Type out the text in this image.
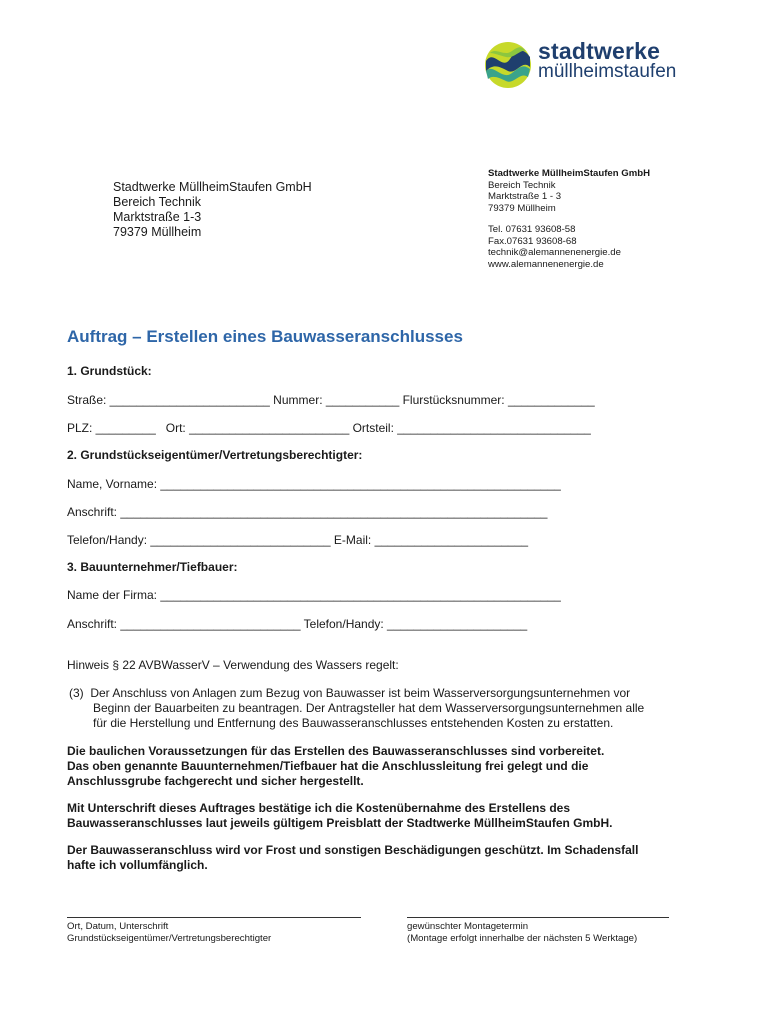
stadtwerke
müllheimstaufen
Stadtwerke MüllheimStaufen GmbH
Bereich Technik
Marktstraße 1-3
79379 Müllheim
Stadtwerke MüllheimStaufen GmbH
Bereich Technik
Marktstraße 1 - 3
79379 Müllheim
Tel. 07631 93608-58
Fax.07631 93608-68
technik@alemannenenergie.de
www.alemannenenergie.de
Auftrag – Erstellen eines Bauwasseranschlusses
1. Grundstück:
Straße: ________________________ Nummer: ___________ Flurstücksnummer: _____________
PLZ: _________   Ort: ________________________ Ortsteil: _____________________________
2. Grundstückseigentümer/Vertretungsberechtigter:
Name, Vorname: ____________________________________________________________
Anschrift: ________________________________________________________________
Telefon/Handy: ___________________________ E-Mail: _______________________
3. Bauunternehmer/Tiefbauer:
Name der Firma: ____________________________________________________________
Anschrift: ___________________________ Telefon/Handy: _____________________
Hinweis § 22 AVBWasserV – Verwendung des Wassers regelt:
(3)  Der Anschluss von Anlagen zum Bezug von Bauwasser ist beim Wasserversorgungsunternehmen vor
Beginn der Bauarbeiten zu beantragen. Der Antragsteller hat dem Wasserversorgungsunternehmen alle
für die Herstellung und Entfernung des Bauwasseranschlusses entstehenden Kosten zu erstatten.
Die baulichen Voraussetzungen für das Erstellen des Bauwasseranschlusses sind vorbereitet.
Das oben genannte Bauunternehmen/Tiefbauer hat die Anschlussleitung frei gelegt und die
Anschlussgrube fachgerecht und sicher hergestellt.
Mit Unterschrift dieses Auftrages bestätige ich die Kostenübernahme des Erstellens des
Bauwasseranschlusses laut jeweils gültigem Preisblatt der Stadtwerke MüllheimStaufen GmbH.
Der Bauwasseranschluss wird vor Frost und sonstigen Beschädigungen geschützt. Im Schadensfall
hafte ich vollumfänglich.
Ort, Datum, Unterschrift
Grundstückseigentümer/Vertretungsberechtigter
gewünschter Montagetermin
(Montage erfolgt innerhalbe der nächsten 5 Werktage)
